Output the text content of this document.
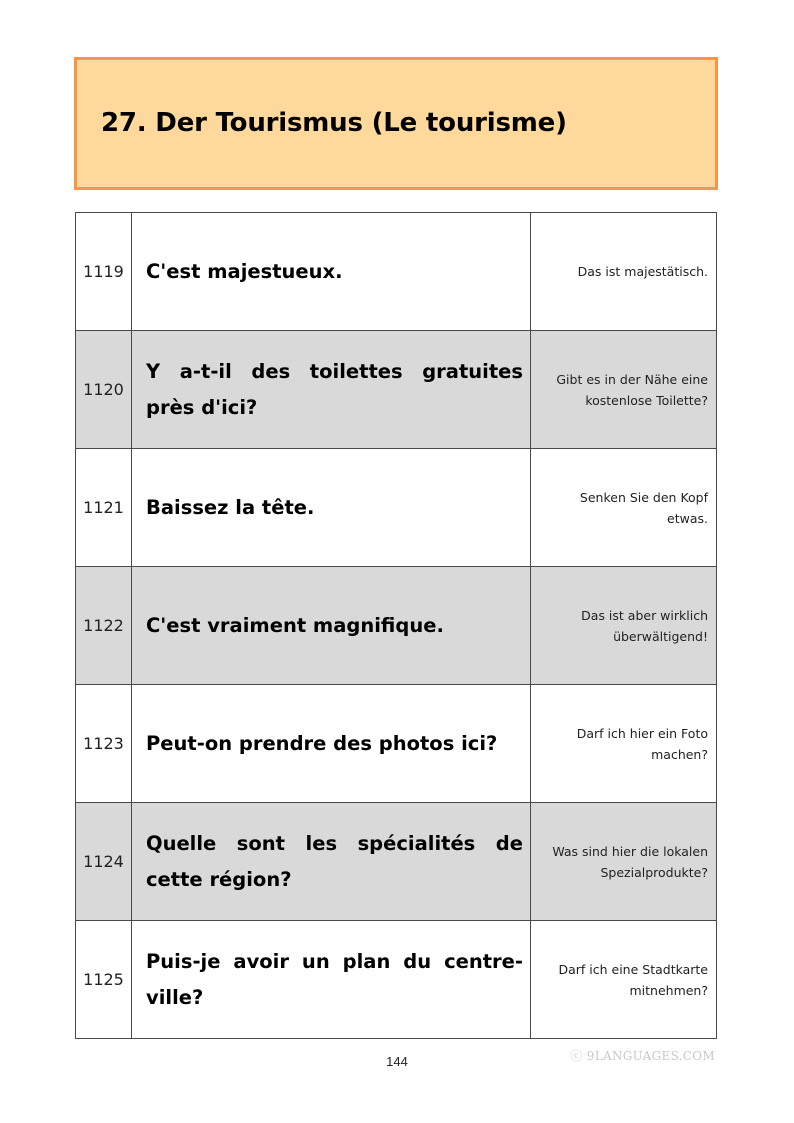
27. Der Tourismus (Le tourisme)
1119	C'est majestueux.	Das ist majestätisch.
1120	Y a-t-il des toilettes gratuites près d'ici?	Gibt es in der Nähe eine kostenlose Toilette?
1121	Baissez la tête.	Senken Sie den Kopf etwas.
1122	C'est vraiment magnifique.	Das ist aber wirklich überwältigend!
1123	Peut-on prendre des photos ici?	Darf ich hier ein Foto machen?
1124	Quelle sont les spécialités de cette région?	Was sind hier die lokalen Spezialprodukte?
1125	Puis-je avoir un plan du centre-ville?	Darf ich eine Stadtkarte mitnehmen?
ⓒ 9LANGUAGES.COM
144
